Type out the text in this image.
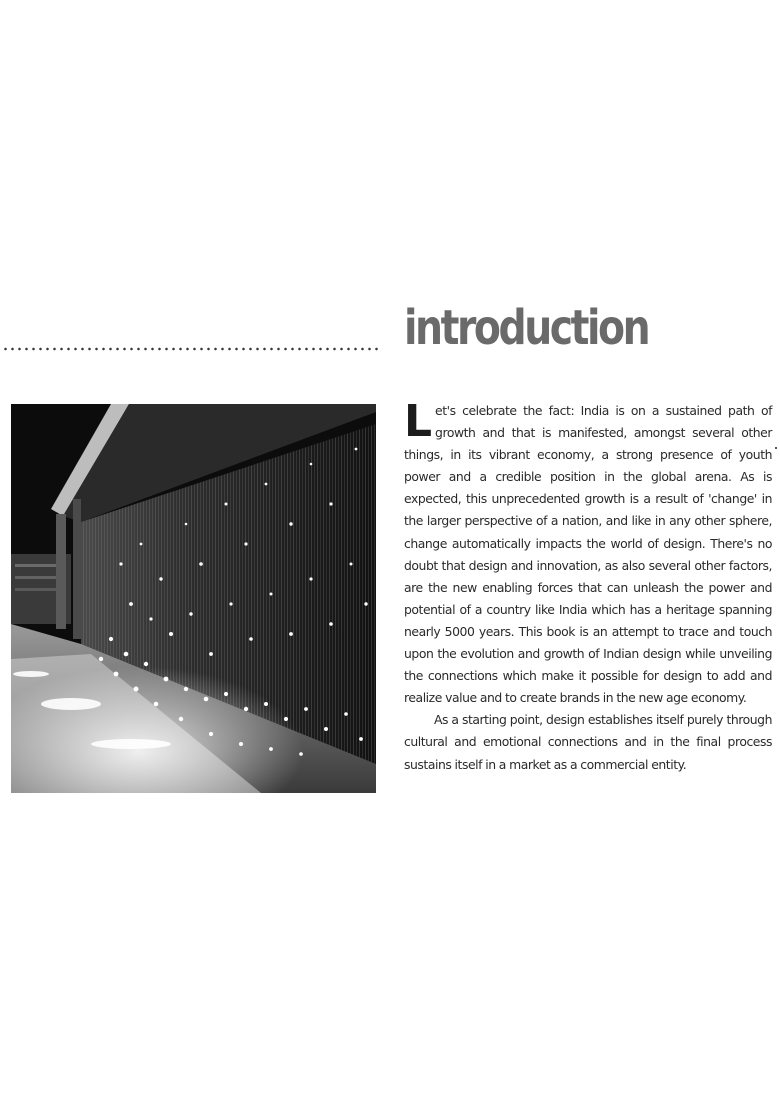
introduction

Let's celebrate the fact: India is on a sustained path of growth and that is manifested, amongst several other things, in its vibrant economy, a strong presence of youth power and a credible position in the global arena. As is expected, this unprecedented growth is a result of 'change' in the larger perspective of a nation, and like in any other sphere, change automatically impacts the world of design. There's no doubt that design and innovation, as also several other factors, are the new enabling forces that can unleash the power and potential of a country like India which has a heritage spanning nearly 5000 years. This book is an attempt to trace and touch upon the evolution and growth of Indian design while unveiling the connections which make it possible for design to add and realize value and to create brands in the new age economy.

As a starting point, design establishes itself purely through cultural and emotional connections and in the final process sustains itself in a market as a commercial entity.
